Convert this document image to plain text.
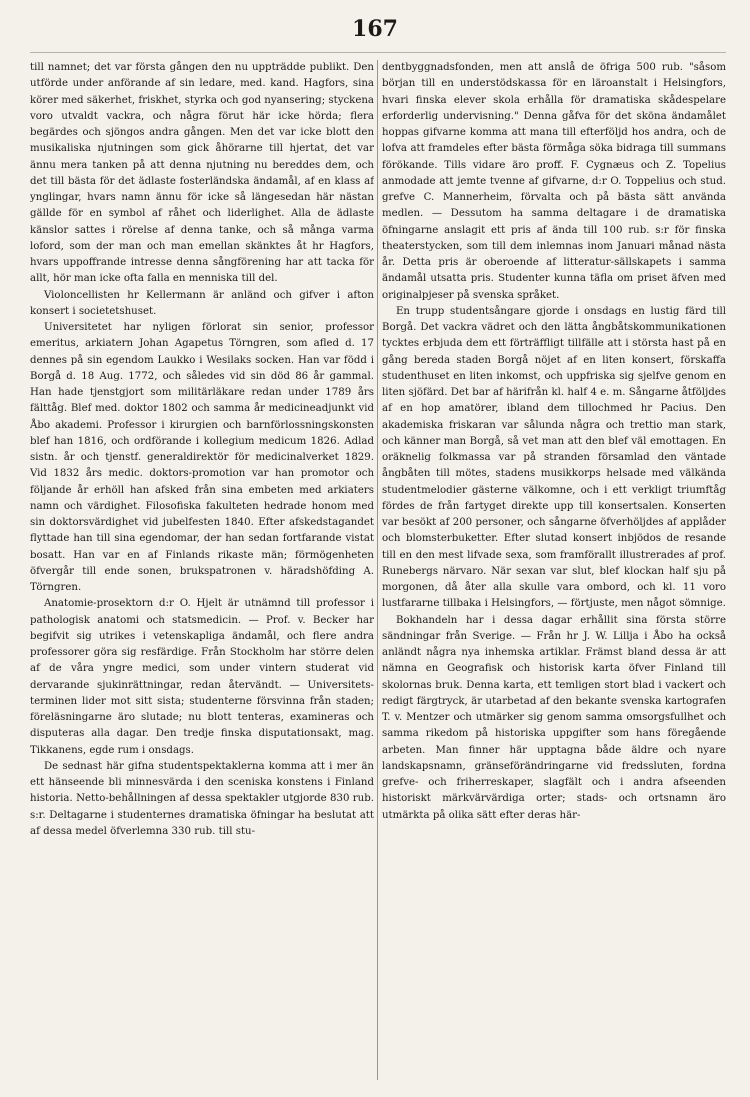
167

till namnet; det var första gången den nu uppträdde publikt. Den utförde under anförande af sin ledare, med. kand. Hagfors, sina körer med säkerhet, friskhet, styrka och god nyansering; styckena voro utvaldt vackra, och några förut här icke hörda; flera begärdes och sjöngos andra gången. Men det var icke blott den musikaliska njutningen som gick åhörarne till hjertat, det var ännu mera tanken på att denna njutning nu bereddes dem, och det till bästa för det ädlaste fosterländska ändamål, af en klass af ynglingar, hvars namn ännu för icke så längesedan här nästan gällde för en symbol af råhet och liderlighet. Alla de ädlaste känslor sattes i rörelse af denna tanke, och så många varma loford, som der man och man emellan skänktes åt hr Hagfors, hvars uppoffrande intresse denna sångförening har att tacka för allt, hör man icke ofta falla en menniska till del.

Violoncellisten hr Kellermann är anländ och gifver i afton konsert i societetshuset.

Universitetet har nyligen förlorat sin senior, professor emeritus, arkiatern Johan Agapetus Törngren, som afled d. 17 dennes på sin egendom Laukko i Wesilaks socken. Han var född i Borgå d. 18 Aug. 1772, och således vid sin död 86 år gammal. Han hade tjenstgjort som militärläkare redan under 1789 års fälttåg. Blef med. doktor 1802 och samma år medicineadjunkt vid Åbo akademi. Professor i kirurgien och barnförlossningskonsten blef han 1816, och ordförande i kollegium medicum 1826. Adlad sistn. år och tjenstf. generaldirektör för medicinalverket 1829. Vid 1832 års medic. doktors-promotion var han promotor och följande år erhöll han afsked från sina embeten med arkiaters namn och värdighet. Filosofiska fakulteten hedrade honom med sin doktorsvärdighet vid jubelfesten 1840. Efter afskedstagandet flyttade han till sina egendomar, der han sedan fortfarande vistat bosatt. Han var en af Finlands rikaste män; förmögenheten öfvergår till ende sonen, brukspatronen v. häradshöfding A. Törngren.

Anatomie-prosektorn d:r O. Hjelt är utnämnd till professor i pathologisk anatomi och statsmedicin. — Prof. v. Becker har begifvit sig utrikes i vetenskapliga ändamål, och flere andra professorer göra sig resfärdige. Från Stockholm har större delen af de våra yngre medici, som under vintern studerat vid dervarande sjukinrättningar, redan återvändt. — Universitets-terminen lider mot sitt sista; studenterne försvinna från staden; föreläsningarne äro slutade; nu blott tenteras, examineras och disputeras alla dagar. Den tredje finska disputationsakt, mag. Tikkanens, egde rum i onsdags.

De sednast här gifna studentspektaklerna komma att i mer än ett hänseende bli minnesvärda i den sceniska konstens i Finland historia. Netto-behållningen af dessa spektakler utgjorde 830 rub. s:r. Deltagarne i studenternes dramatiska öfningar ha beslutat att af dessa medel öfverlemna 330 rub. till stu-

dentbyggnadsfonden, men att anslå de öfriga 500 rub. "såsom början till en understödskassa för en läroanstalt i Helsingfors, hvari finska elever skola erhålla för dramatiska skådespelare erforderlig undervisning." Denna gåfva för det sköna ändamålet hoppas gifvarne komma att mana till efterföljd hos andra, och de lofva att framdeles efter bästa förmåga söka bidraga till summans förökande. Tills vidare äro proff. F. Cygnæus och Z. Topelius anmodade att jemte tvenne af gifvarne, d:r O. Toppelius och stud. grefve C. Mannerheim, förvalta och på bästa sätt använda medlen. — Dessutom ha samma deltagare i de dramatiska öfningarne anslagit ett pris af ända till 100 rub. s:r för finska theaterstycken, som till dem inlemnas inom Januari månad nästa år. Detta pris är oberoende af litteratur-sällskapets i samma ändamål utsatta pris. Studenter kunna täfla om priset äfven med originalpjeser på svenska språket.

En trupp studentsångare gjorde i onsdags en lustig färd till Borgå. Det vackra vädret och den lätta ångbåtskommunikationen tycktes erbjuda dem ett förträffligt tillfälle att i största hast på en gång bereda staden Borgå nöjet af en liten konsert, förskaffa studenthuset en liten inkomst, och uppfriska sig sjelfve genom en liten sjöfärd. Det bar af härifrån kl. half 4 e. m. Sångarne åtföljdes af en hop amatörer, ibland dem tillochmed hr Pacius. Den akademiska friskaran var sålunda några och trettio man stark, och känner man Borgå, så vet man att den blef väl emottagen. En oräknelig folkmassa var på stranden församlad den väntade ångbåten till mötes, stadens musikkorps helsade med välkända studentmelodier gästerne välkomne, och i ett verkligt triumftåg fördes de från fartyget direkte upp till konsertsalen. Konserten var besökt af 200 personer, och sångarne öfverhöljdes af applåder och blomsterbuketter. Efter slutad konsert inbjödos de resande till en den mest lifvade sexa, som framförallt illustrerades af prof. Runebergs närvaro. När sexan var slut, blef klockan half sju på morgonen, då åter alla skulle vara ombord, och kl. 11 voro lustfararne tillbaka i Helsingfors, — förtjuste, men något sömnige.

Bokhandeln har i dessa dagar erhållit sina första större sändningar från Sverige. — Från hr J. W. Lillja i Åbo ha också anländt några nya inhemska artiklar. Främst bland dessa är att nämna en Geografisk och historisk karta öfver Finland till skolornas bruk. Denna karta, ett temligen stort blad i vackert och redigt färgtryck, är utarbetad af den bekante svenska kartografen T. v. Mentzer och utmärker sig genom samma omsorgsfullhet och samma rikedom på historiska uppgifter som hans föregående arbeten. Man finner här upptagna både äldre och nyare landskapsnamn, gränseförändringarne vid fredssluten, fordna grefve- och friherreskaper, slagfält och i andra afseenden historiskt märkvärvärdiga orter; stads- och ortsnamn äro utmärkta på olika sätt efter deras här-
